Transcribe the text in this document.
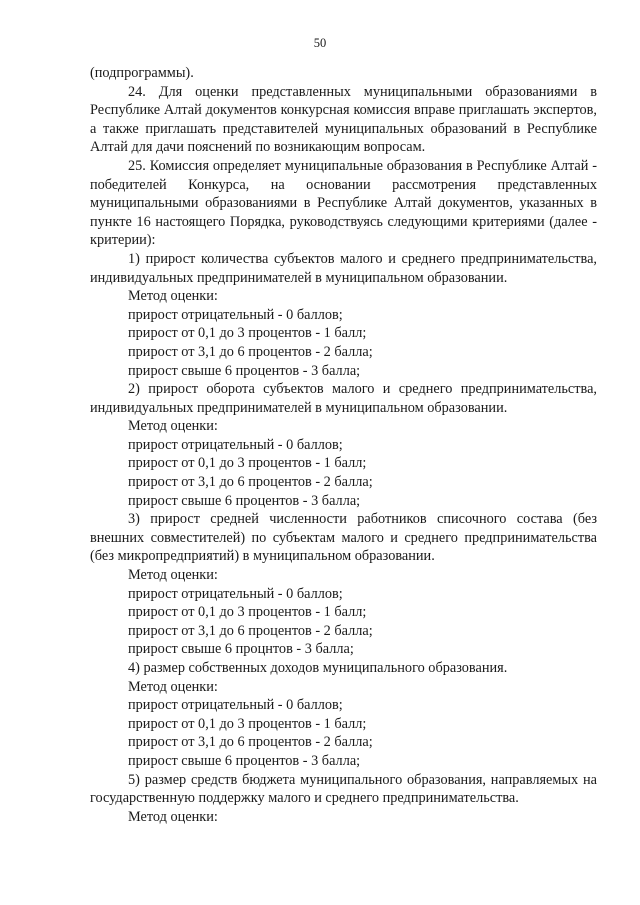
50

(подпрограммы).

24. Для оценки представленных муниципальными образованиями в Республике Алтай документов конкурсная комиссия вправе приглашать экспертов, а также приглашать представителей муниципальных образований в Республике Алтай для дачи пояснений по возникающим вопросам.

25. Комиссия определяет муниципальные образования в Республике Алтай - победителей Конкурса, на основании рассмотрения представленных муниципальными образованиями в Республике Алтай документов, указанных в пункте 16 настоящего Порядка, руководствуясь следующими критериями (далее - критерии):

1) прирост количества субъектов малого и среднего предпринимательства, индивидуальных предпринимателей в муниципальном образовании.

Метод оценки:

прирост отрицательный - 0 баллов;

прирост от 0,1 до 3 процентов - 1 балл;

прирост от 3,1 до 6 процентов - 2 балла;

прирост свыше 6 процентов - 3 балла;

2) прирост оборота субъектов малого и среднего предпринимательства, индивидуальных предпринимателей в муниципальном образовании.

Метод оценки:

прирост отрицательный - 0 баллов;

прирост от 0,1 до 3 процентов - 1 балл;

прирост от 3,1 до 6 процентов - 2 балла;

прирост свыше 6 процентов - 3 балла;

3) прирост средней численности работников списочного состава (без внешних совместителей) по субъектам малого и среднего предпринимательства (без микропредприятий) в муниципальном образовании.

Метод оценки:

прирост отрицательный - 0 баллов;

прирост от 0,1 до 3 процентов - 1 балл;

прирост от 3,1 до 6 процентов - 2 балла;

прирост свыше 6 процнтов - 3 балла;

4) размер собственных доходов муниципального образования.

Метод оценки:

прирост отрицательный - 0 баллов;

прирост от 0,1 до 3 процентов - 1 балл;

прирост от 3,1 до 6 процентов - 2 балла;

прирост свыше 6 процентов - 3 балла;

5) размер средств бюджета муниципального образования, направляемых на государственную поддержку малого и среднего предпринимательства.

Метод оценки:
